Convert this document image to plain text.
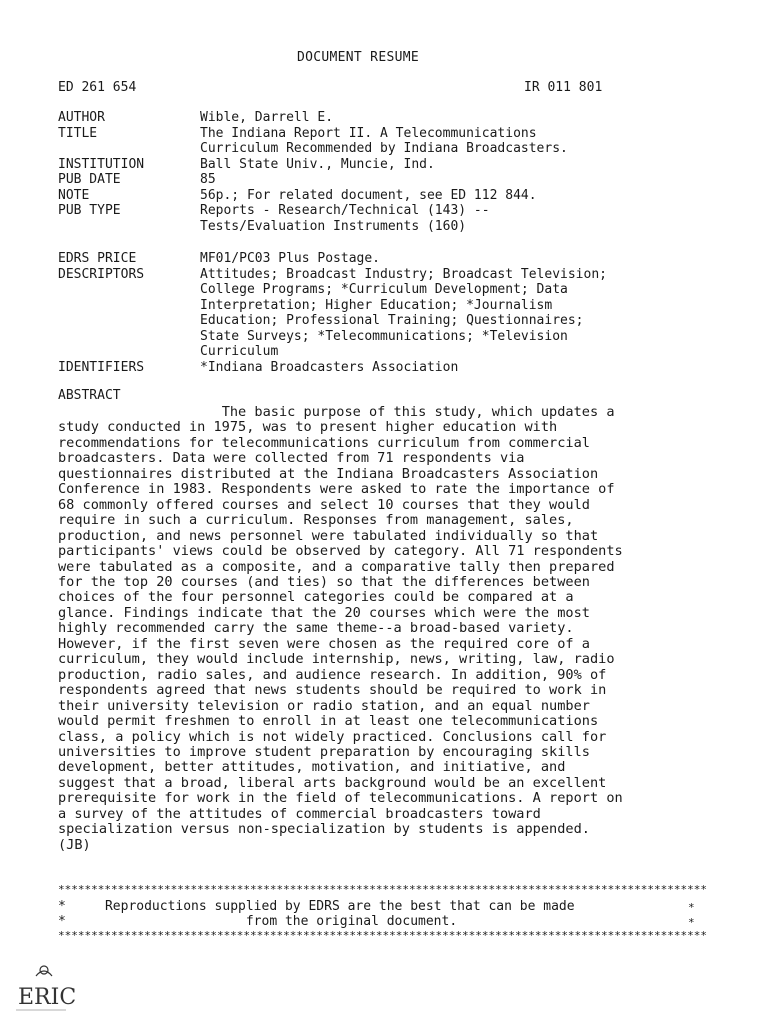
DOCUMENT RESUME
ED 261 654	IR 011 801
AUTHOR	Wible, Darrell E.
TITLE	The Indiana Report II. A Telecommunications
Curriculum Recommended by Indiana Broadcasters.
INSTITUTION	Ball State Univ., Muncie, Ind.
PUB DATE	85
NOTE	56p.; For related document, see ED 112 844.
PUB TYPE	Reports - Research/Technical (143) --
Tests/Evaluation Instruments (160)
EDRS PRICE	MF01/PC03 Plus Postage.
DESCRIPTORS	Attitudes; Broadcast Industry; Broadcast Television;
College Programs; *Curriculum Development; Data
Interpretation; Higher Education; *Journalism
Education; Professional Training; Questionnaires;
State Surveys; *Telecommunications; *Television
Curriculum
IDENTIFIERS	*Indiana Broadcasters Association
ABSTRACT

The basic purpose of this study, which updates a
study conducted in 1975, was to present higher education with
recommendations for telecommunications curriculum from commercial
broadcasters. Data were collected from 71 respondents via
questionnaires distributed at the Indiana Broadcasters Association
Conference in 1983. Respondents were asked to rate the importance of
68 commonly offered courses and select 10 courses that they would
require in such a curriculum. Responses from management, sales,
production, and news personnel were tabulated individually so that
participants' views could be observed by category. All 71 respondents
were tabulated as a composite, and a comparative tally then prepared
for the top 20 courses (and ties) so that the differences between
choices of the four personnel categories could be compared at a
glance. Findings indicate that the 20 courses which were the most
highly recommended carry the same theme--a broad-based variety.
However, if the first seven were chosen as the required core of a
curriculum, they would include internship, news, writing, law, radio
production, radio sales, and audience research. In addition, 90% of
respondents agreed that news students should be required to work in
their university television or radio station, and an equal number
would permit freshmen to enroll in at least one telecommunications
class, a policy which is not widely practiced. Conclusions call for
universities to improve student preparation by encouraging skills
development, better attitudes, motivation, and initiative, and
suggest that a broad, liberal arts background would be an excellent
prerequisite for work in the field of telecommunications. A report on
a survey of the attitudes of commercial broadcasters toward
specialization versus non-specialization by students is appended.
(JB)

**************************************************************************************************
*     Reproductions supplied by EDRS are the best that can be made
*                       from the original document.
*
*
**************************************************************************************************
ERIC
